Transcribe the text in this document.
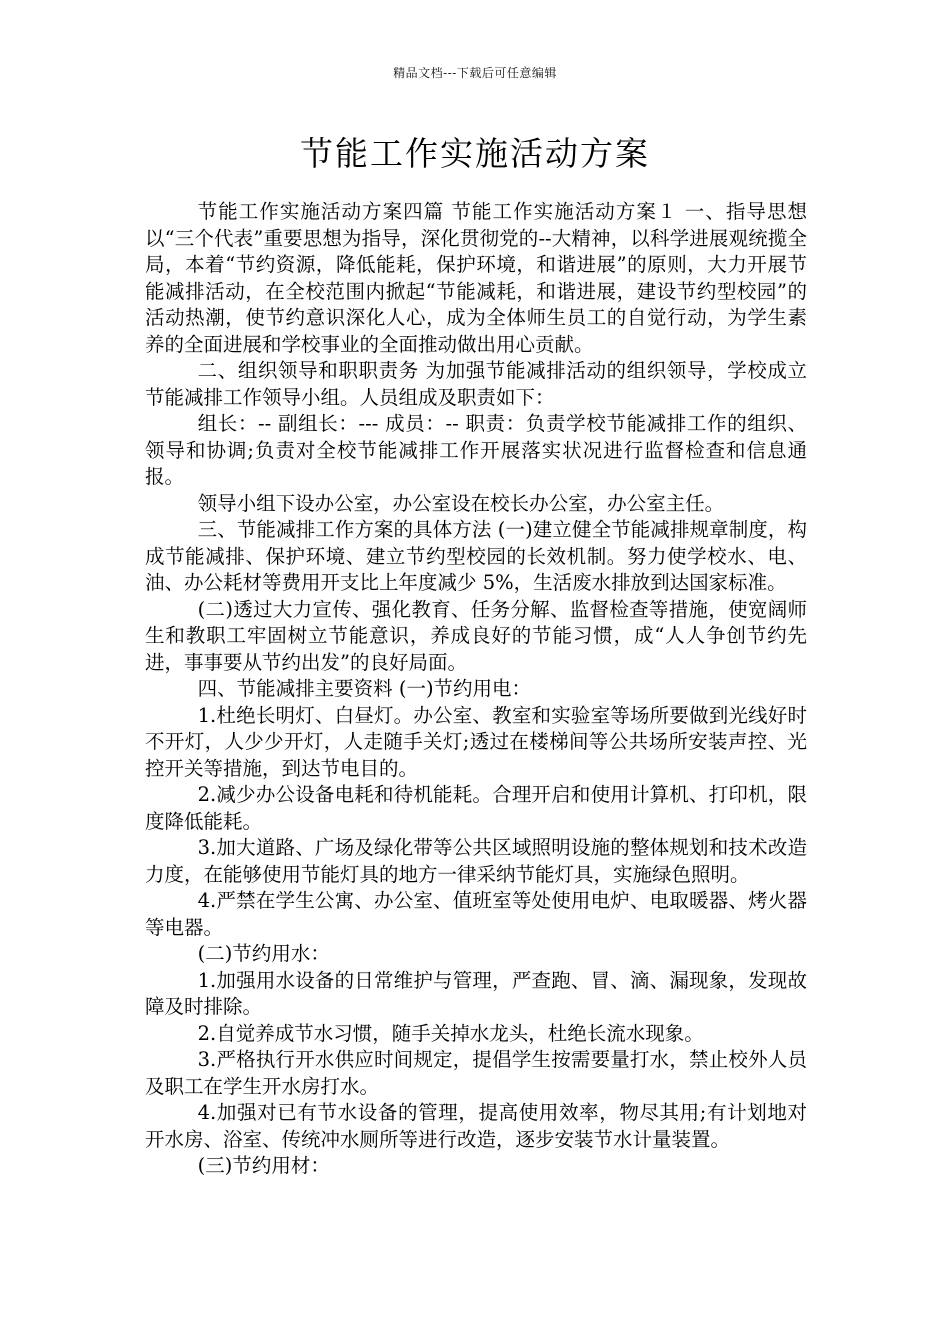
精品文档---下载后可任意编辑
节能工作实施活动方案

节能工作实施活动方案四篇 节能工作实施活动方案１ 一、指导思想 以“三个代表”重要思想为指导，深化贯彻党的--大精神，以科学进展观统揽全局，本着“节约资源，降低能耗，保护环境，和谐进展”的原则，大力开展节能减排活动，在全校范围内掀起“节能减耗，和谐进展，建设节约型校园”的活动热潮，使节约意识深化人心，成为全体师生员工的自觉行动，为学生素养的全面进展和学校事业的全面推动做出用心贡献。

二、组织领导和职职责务 为加强节能减排活动的组织领导，学校成立节能减排工作领导小组。人员组成及职责如下：

组长：-- 副组长：--- 成员：-- 职责：负责学校节能减排工作的组织、领导和协调;负责对全校节能减排工作开展落实状况进行监督检查和信息通报。

领导小组下设办公室，办公室设在校长办公室，办公室主任。

三、节能减排工作方案的具体方法 (一)建立健全节能减排规章制度，构成节能减排、保护环境、建立节约型校园的长效机制。努力使学校水、电、油、办公耗材等费用开支比上年度减少 5%，生活废水排放到达国家标准。

(二)透过大力宣传、强化教育、任务分解、监督检查等措施，使宽阔师生和教职工牢固树立节能意识，养成良好的节能习惯，成“人人争创节约先进，事事要从节约出发”的良好局面。

四、节能减排主要资料 (一)节约用电：

1.杜绝长明灯、白昼灯。办公室、教室和实验室等场所要做到光线好时不开灯，人少少开灯，人走随手关灯;透过在楼梯间等公共场所安装声控、光控开关等措施，到达节电目的。

2.减少办公设备电耗和待机能耗。合理开启和使用计算机、打印机，限度降低能耗。

3.加大道路、广场及绿化带等公共区域照明设施的整体规划和技术改造力度，在能够使用节能灯具的地方一律采纳节能灯具，实施绿色照明。

4.严禁在学生公寓、办公室、值班室等处使用电炉、电取暖器、烤火器等电器。

(二)节约用水：

1.加强用水设备的日常维护与管理，严查跑、冒、滴、漏现象，发现故障及时排除。

2.自觉养成节水习惯，随手关掉水龙头，杜绝长流水现象。

3.严格执行开水供应时间规定，提倡学生按需要量打水，禁止校外人员及职工在学生开水房打水。

4.加强对已有节水设备的管理，提高使用效率，物尽其用;有计划地对开水房、浴室、传统冲水厕所等进行改造，逐步安装节水计量装置。

(三)节约用材：
